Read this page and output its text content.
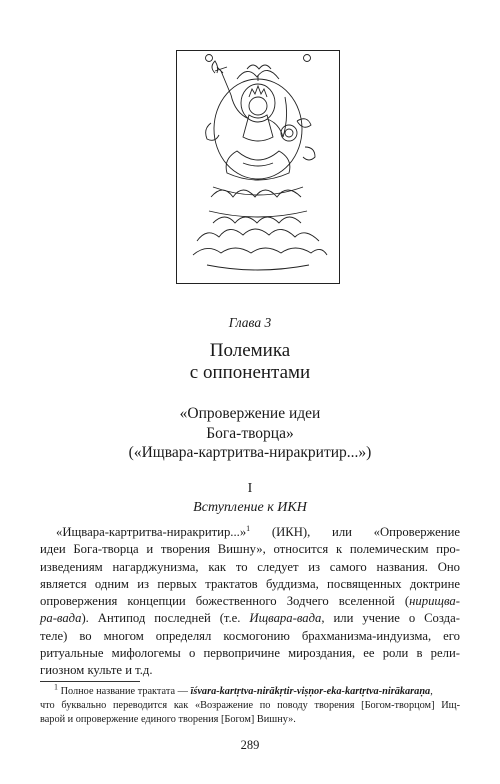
Глава 3
Полемика
с оппонентами
«Опровержение идеи
Бога-творца»
(«Ищвара-картритва-ниракритир...»)
I
Вступление к ИКН
«Ищвара-картритва-ниракритир...»$^1$ (ИКН), или «Опровержение
идеи Бога-творца и творения Вишну», относится к полемическим про-
изведениям нагарджунизма, как то следует из самого названия. Оно
является одним из первых трактатов буддизма, посвященных доктрине
опровержения концепции божественного Зодчего вселенной (нирищва-
ра-вада). Антипод последней (т.е. Ищвара-вада, или учение о Созда-
теле) во многом определял космогонию брахманизма-индуизма, его
ритуальные мифологемы о первопричине мироздания, ее роли в рели-
гиозном культе и т.д.
$^1$ Полное название трактата — īśvara-kartṛtva-nirākṛtir-viṣṇor-eka-kartṛtva-nirākaraṇa,
что буквально переводится как «Возражение по поводу творения [Богом-творцом] Ищ-
варой и опровержение единого творения [Богом] Вишну».
289
